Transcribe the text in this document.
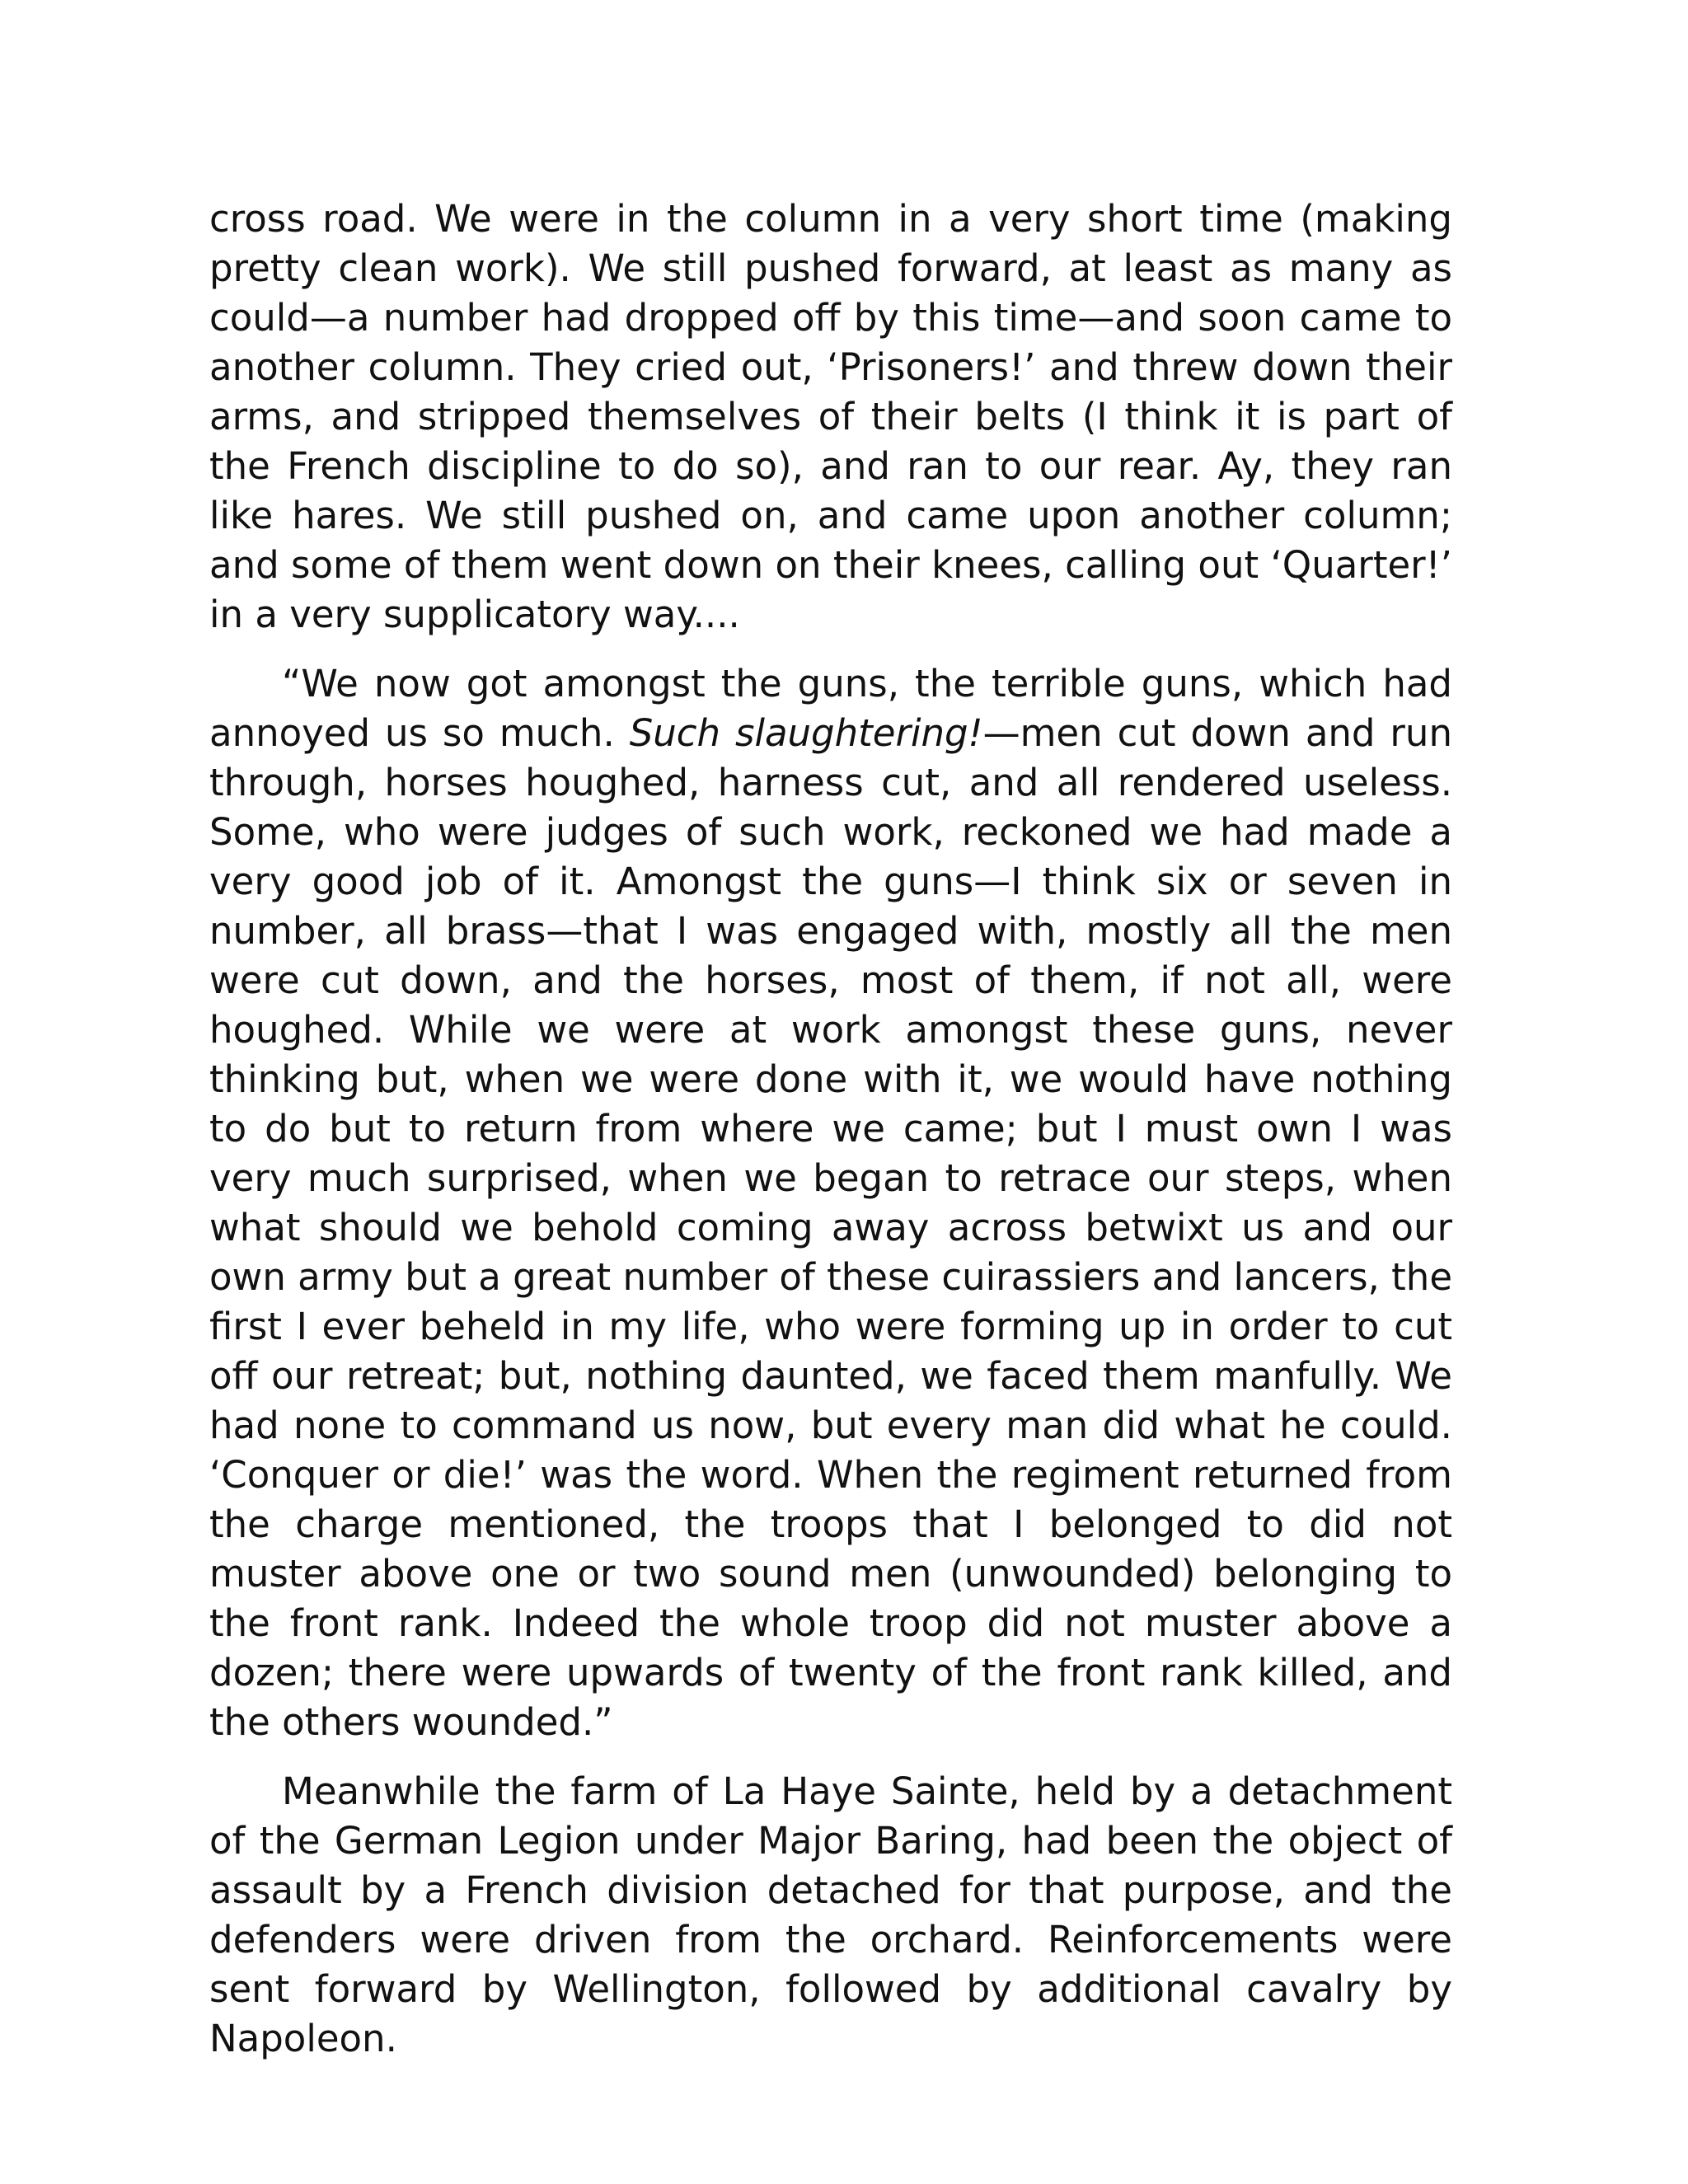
cross road. We were in the column in a very short time (making pretty clean work). We still pushed forward, at least as many as could—a number had dropped off by this time—and soon came to another column. They cried out, ‘Prisoners!’ and threw down their arms, and stripped themselves of their belts (I think it is part of the French discipline to do so), and ran to our rear. Ay, they ran like hares. We still pushed on, and came upon another column; and some of them went down on their knees, calling out ‘Quarter!’ in a very supplicatory way....

“We now got amongst the guns, the terrible guns, which had annoyed us so much. Such slaughtering!—men cut down and run through, horses houghed, harness cut, and all rendered useless. Some, who were judges of such work, reckoned we had made a very good job of it. Amongst the guns—I think six or seven in number, all brass—that I was engaged with, mostly all the men were cut down, and the horses, most of them, if not all, were houghed. While we were at work amongst these guns, never thinking but, when we were done with it, we would have nothing to do but to return from where we came; but I must own I was very much surprised, when we began to retrace our steps, when what should we behold coming away across betwixt us and our own army but a great number of these cuirassiers and lancers, the first I ever beheld in my life, who were forming up in order to cut off our retreat; but, nothing daunted, we faced them manfully. We had none to command us now, but every man did what he could. ‘Conquer or die!’ was the word. When the regiment returned from the charge mentioned, the troops that I belonged to did not muster above one or two sound men (unwounded) belonging to the front rank. Indeed the whole troop did not muster above a dozen; there were upwards of twenty of the front rank killed, and the others wounded.”

Meanwhile the farm of La Haye Sainte, held by a detachment of the German Legion under Major Baring, had been the object of assault by a French division detached for that purpose, and the defenders were driven from the orchard. Reinforcements were sent forward by Wellington, followed by additional cavalry by Napoleon.
